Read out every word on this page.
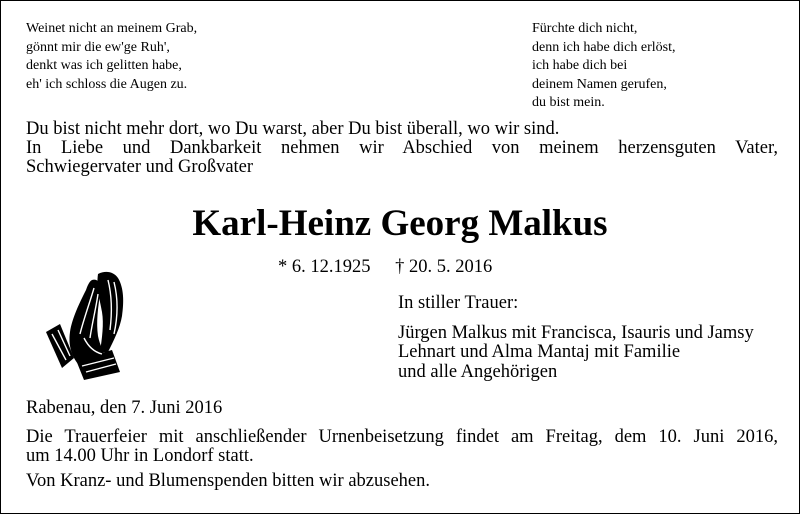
Weinet nicht an meinem Grab,
gönnt mir die ew'ge Ruh',
denkt was ich gelitten habe,
eh' ich schloss die Augen zu.
Fürchte dich nicht,
denn ich habe dich erlöst,
ich habe dich bei
deinem Namen gerufen,
du bist mein.
Du bist nicht mehr dort, wo Du warst, aber Du bist überall, wo wir sind.
In Liebe und Dankbarkeit nehmen wir Abschied von meinem herzensguten Vater,
Schwiegervater und Großvater
Karl-Heinz Georg Malkus
* 6. 12.1925 † 20. 5. 2016
In stiller Trauer:
Jürgen Malkus mit Francisca, Isauris und Jamsy
Lehnart und Alma Mantaj mit Familie
und alle Angehörigen
Rabenau, den 7. Juni 2016
Die Trauerfeier mit anschließender Urnenbeisetzung findet am Freitag, dem 10. Juni 2016,
um 14.00 Uhr in Londorf statt.
Von Kranz- und Blumenspenden bitten wir abzusehen.
